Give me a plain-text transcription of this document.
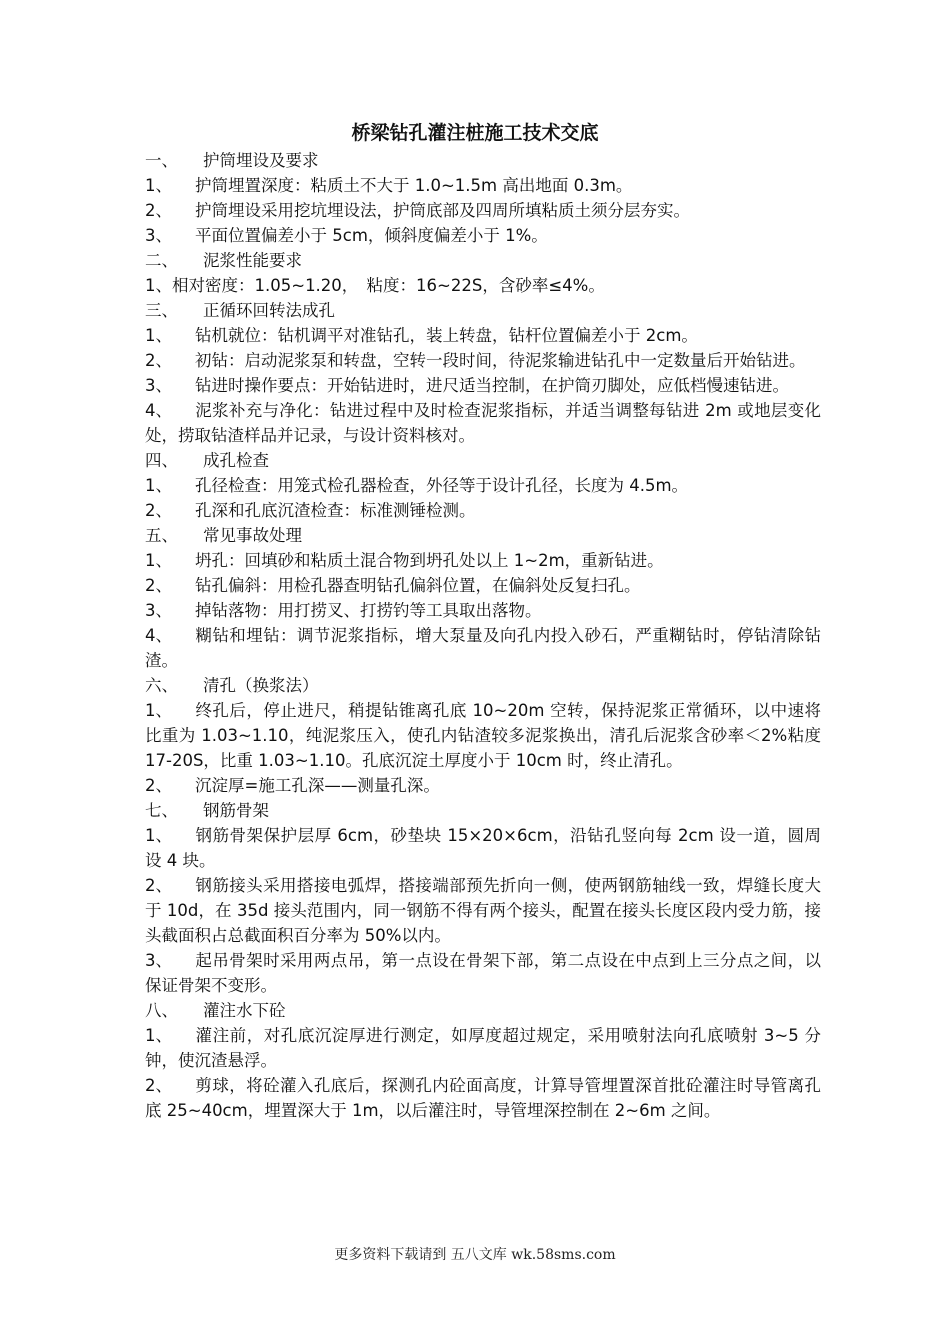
桥梁钻孔灌注桩施工技术交底

一、 护筒埋设及要求

1、 护筒埋置深度：粘质土不大于 1.0~1.5m 高出地面 0.3m。

2、 护筒埋设采用挖坑埋设法，护筒底部及四周所填粘质土须分层夯实。

3、 平面位置偏差小于 5cm，倾斜度偏差小于 1%。

二、 泥浆性能要求

1、相对密度：1.05~1.20，　粘度：16~22S，含砂率≤4%。

三、 正循环回转法成孔

1、 钻机就位：钻机调平对准钻孔，装上转盘，钻杆位置偏差小于 2cm。

2、 初钻：启动泥浆泵和转盘，空转一段时间，待泥浆输进钻孔中一定数量后开始钻进。

3、 钻进时操作要点：开始钻进时，进尺适当控制，在护筒刃脚处，应低档慢速钻进。

4、 泥浆补充与净化：钻进过程中及时检查泥浆指标，并适当调整每钻进 2m 或地层变化处，捞取钻渣样品并记录，与设计资料核对。

四、 成孔检查

1、 孔径检查：用笼式检孔器检查，外径等于设计孔径，长度为 4.5m。

2、 孔深和孔底沉渣检查：标准测锤检测。

五、 常见事故处理

1、 坍孔：回填砂和粘质土混合物到坍孔处以上 1~2m，重新钻进。

2、 钻孔偏斜：用检孔器查明钻孔偏斜位置，在偏斜处反复扫孔。

3、 掉钻落物：用打捞叉、打捞钓等工具取出落物。

4、 糊钻和埋钻：调节泥浆指标，增大泵量及向孔内投入砂石，严重糊钻时，停钻清除钻渣。

六、 清孔（换浆法）

1、 终孔后，停止进尺，稍提钻锥离孔底 10~20m 空转，保持泥浆正常循环，以中速将比重为 1.03~1.10，纯泥浆压入，使孔内钻渣较多泥浆换出，清孔后泥浆含砂率＜2%粘度 17-20S，比重 1.03~1.10。孔底沉淀土厚度小于 10cm 时，终止清孔。

2、 沉淀厚=施工孔深——测量孔深。

七、 钢筋骨架

1、 钢筋骨架保护层厚 6cm，砂垫块 15×20×6cm，沿钻孔竖向每 2cm 设一道，圆周设 4 块。

2、 钢筋接头采用搭接电弧焊，搭接端部预先折向一侧，使两钢筋轴线一致，焊缝长度大于 10d，在 35d 接头范围内，同一钢筋不得有两个接头，配置在接头长度区段内受力筋，接头截面积占总截面积百分率为 50%以内。

3、 起吊骨架时采用两点吊，第一点设在骨架下部，第二点设在中点到上三分点之间，以保证骨架不变形。

八、 灌注水下砼

1、 灌注前，对孔底沉淀厚进行测定，如厚度超过规定，采用喷射法向孔底喷射 3~5 分钟，使沉渣悬浮。

2、 剪球，将砼灌入孔底后，探测孔内砼面高度，计算导管埋置深首批砼灌注时导管离孔底 25~40cm，埋置深大于 1m，以后灌注时，导管埋深控制在 2~6m 之间。

更多资料下载请到 五八文库 wk.58sms.com
